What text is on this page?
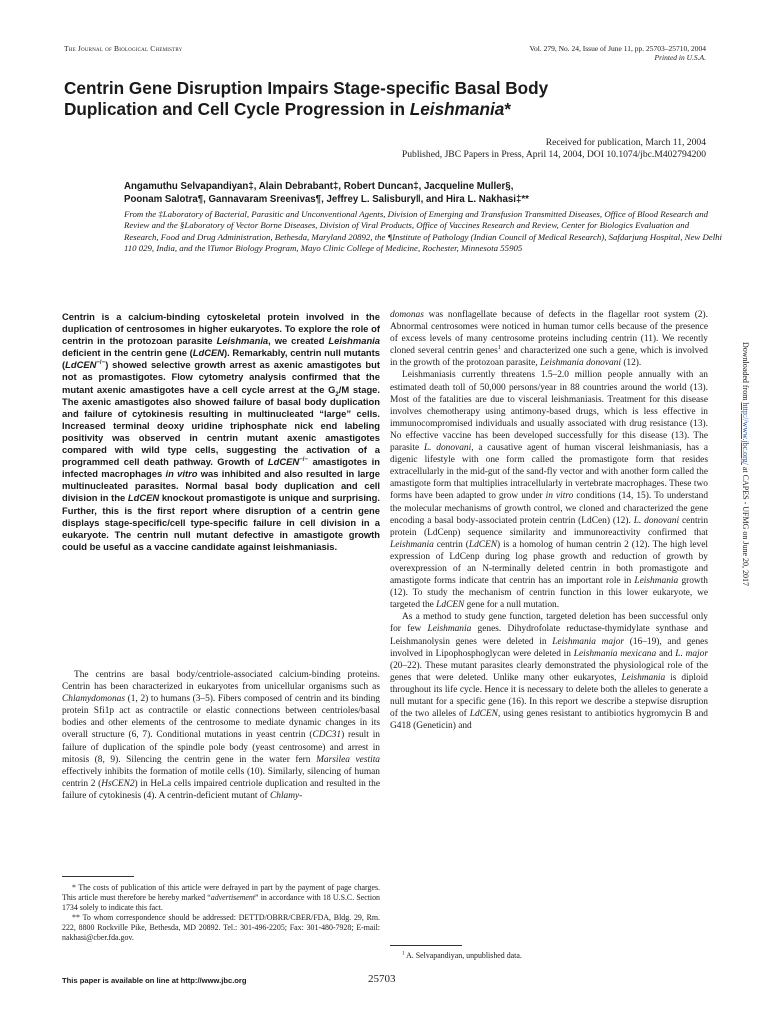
The Journal of Biological Chemistry	Vol. 279, No. 24, Issue of June 11, pp. 25703–25710, 2004
Printed in U.S.A.
Centrin Gene Disruption Impairs Stage-specific Basal Body
Duplication and Cell Cycle Progression in Leishmania*
Received for publication, March 11, 2004
Published, JBC Papers in Press, April 14, 2004, DOI 10.1074/jbc.M402794200
Angamuthu Selvapandiyan‡, Alain Debrabant‡, Robert Duncan‡, Jacqueline Muller§,
Poonam Salotra¶, Gannavaram Sreenivas¶, Jeffrey L. Salisbury‖, and Hira L. Nakhasi‡**
From the ‡Laboratory of Bacterial, Parasitic and Unconventional Agents, Division of Emerging and Transfusion Transmitted Diseases, Office of Blood Research and Review and the §Laboratory of Vector Borne Diseases, Division of Viral Products, Office of Vaccines Research and Review, Center for Biologics Evaluation and Research, Food and Drug Administration, Bethesda, Maryland 20892, the ¶Institute of Pathology (Indian Council of Medical Research), Safdarjung Hospital, New Delhi 110 029, India, and the ‖Tumor Biology Program, Mayo Clinic College of Medicine, Rochester, Minnesota 55905
Centrin is a calcium-binding cytoskeletal protein involved in the duplication of centrosomes in higher eukaryotes. To explore the role of centrin in the protozoan parasite Leishmania, we created Leishmania deficient in the centrin gene (LdCEN). Remarkably, centrin null mutants (LdCEN−/−) showed selective growth arrest as axenic amastigotes but not as promastigotes. Flow cytometry analysis confirmed that the mutant axenic amastigotes have a cell cycle arrest at the $G_2/M$ stage. The axenic amastigotes also showed failure of basal body duplication and failure of cytokinesis resulting in multinucleated “large” cells. Increased terminal deoxy uridine triphosphate nick end labeling positivity was observed in centrin mutant axenic amastigotes compared with wild type cells, suggesting the activation of a programmed cell death pathway. Growth of LdCEN−/− amastigotes in infected macrophages in vitro was inhibited and also resulted in large multinucleated parasites. Normal basal body duplication and cell division in the LdCEN knockout promastigote is unique and surprising. Further, this is the first report where disruption of a centrin gene displays stage-specific/cell type-specific failure in cell division in a eukaryote. The centrin null mutant defective in amastigote growth could be useful as a vaccine candidate against leishmaniasis.

The centrins are basal body/centriole-associated calcium-binding proteins. Centrin has been characterized in eukaryotes from unicellular organisms such as Chlamydomonas (1, 2) to humans (3–5). Fibers composed of centrin and its binding protein Sfi1p act as contractile or elastic connections between centrioles/basal bodies and other elements of the centrosome to mediate dynamic changes in its overall structure (6, 7). Conditional mutations in yeast centrin (CDC31) result in failure of duplication of the spindle pole body (yeast centrosome) and arrest in mitosis (8, 9). Silencing the centrin gene in the water fern Marsilea vestita effectively inhibits the formation of motile cells (10). Similarly, silencing of human centrin 2 (HsCEN2) in HeLa cells impaired centriole duplication and resulted in the failure of cytokinesis (4). A centrin-deficient mutant of Chlamy-

domonas was nonflagellate because of defects in the flagellar root system (2). Abnormal centrosomes were noticed in human tumor cells because of the presence of excess levels of many centrosome proteins including centrin (11). We recently cloned several centrin genes$^1$ and characterized one such a gene, which is involved in the growth of the protozoan parasite, Leishmania donovani (12).

Leishmaniasis currently threatens 1.5–2.0 million people annually with an estimated death toll of 50,000 persons/year in 88 countries around the world (13). Most of the fatalities are due to visceral leishmaniasis. Treatment for this disease involves chemotherapy using antimony-based drugs, which is less effective in immunocompromised individuals and usually associated with drug resistance (13). No effective vaccine has been developed successfully for this disease (13). The parasite L. donovani, a causative agent of human visceral leishmaniasis, has a digenic lifestyle with one form called the promastigote form that resides extracellularly in the mid-gut of the sand-fly vector and with another form called the amastigote form that multiplies intracellularly in vertebrate macrophages. These two forms have been adapted to grow under in vitro conditions (14, 15). To understand the molecular mechanisms of growth control, we cloned and characterized the gene encoding a basal body-associated protein centrin (LdCen) (12). L. donovani centrin protein (LdCenp) sequence similarity and immunoreactivity confirmed that Leishmania centrin (LdCEN) is a homolog of human centrin 2 (12). The high level expression of LdCenp during log phase growth and reduction of growth by overexpression of an N-terminally deleted centrin in both promastigote and amastigote forms indicate that centrin has an important role in Leishmania growth (12). To study the mechanism of centrin function in this lower eukaryote, we targeted the LdCEN gene for a null mutation.

As a method to study gene function, targeted deletion has been successful only for few Leishmania genes. Dihydrofolate reductase-thymidylate synthase and Leishmanolysin genes were deleted in Leishmania major (16–19), and genes involved in Lipophosphoglycan were deleted in Leishmania mexicana and L. major (20–22). These mutant parasites clearly demonstrated the physiological role of the genes that were deleted. Unlike many other eukaryotes, Leishmania is diploid throughout its life cycle. Hence it is necessary to delete both the alleles to generate a null mutant for a specific gene (16). In this report we describe a stepwise disruption of the two alleles of LdCEN, using genes resistant to antibiotics hygromycin B and G418 (Geneticin) and

* The costs of publication of this article were defrayed in part by the payment of page charges. This article must therefore be hereby marked “advertisement” in accordance with 18 U.S.C. Section 1734 solely to indicate this fact.

** To whom correspondence should be addressed: DETTD/OBRR/CBER/FDA, Bldg. 29, Rm. 222, 8800 Rockville Pike, Bethesda, MD 20892. Tel.: 301-496-2205; Fax: 301-480-7928; E-mail: nakhasi@cber.fda.gov.

$^1$ A. Selvapandiyan, unpublished data.
This paper is available on line at http://www.jbc.org	25703
Downloaded from http://www.jbc.org/ at CAPES - UFMG on June 20, 2017
